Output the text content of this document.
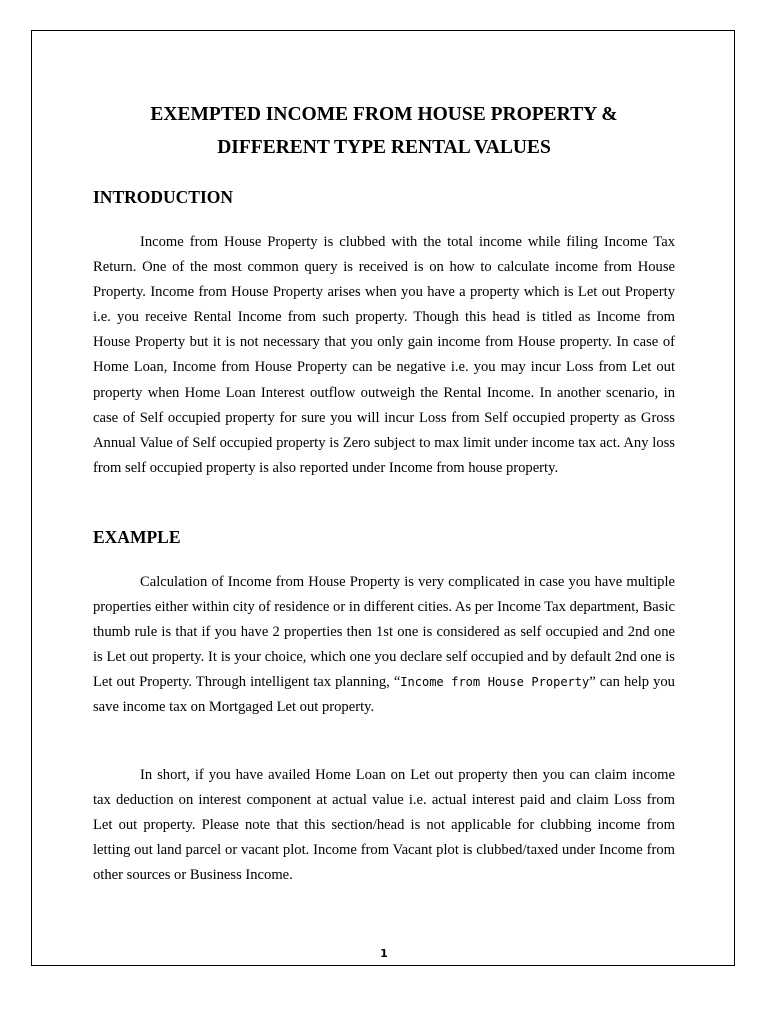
EXEMPTED INCOME FROM HOUSE PROPERTY &
DIFFERENT TYPE RENTAL VALUES
INTRODUCTION

Income from House Property is clubbed with the total income while filing Income Tax Return. One of the most common query is received is on how to calculate income from House Property. Income from House Property arises when you have a property which is Let out Property i.e. you receive Rental Income from such property. Though this head is titled as Income from House Property but it is not necessary that you only gain income from House property. In case of Home Loan, Income from House Property can be negative i.e. you may incur Loss from Let out property when Home Loan Interest outflow outweigh the Rental Income. In another scenario, in case of Self occupied property for sure you will incur Loss from Self occupied property as Gross Annual Value of Self occupied property is Zero subject to max limit under income tax act. Any loss from self occupied property is also reported under Income from house property.

EXAMPLE

Calculation of Income from House Property is very complicated in case you have multiple properties either within city of residence or in different cities. As per Income Tax department, Basic thumb rule is that if you have 2 properties then 1st one is considered as self occupied and 2nd one is Let out property. It is your choice, which one you declare self occupied and by default 2nd one is Let out Property. Through intelligent tax planning, “Income from House Property” can help you save income tax on Mortgaged Let out property.

In short, if you have availed Home Loan on Let out property then you can claim income tax deduction on interest component at actual value i.e. actual interest paid and claim Loss from Let out property. Please note that this section/head is not applicable for clubbing income from letting out land parcel or vacant plot. Income from Vacant plot is clubbed/taxed under Income from other sources or Business Income.

1
